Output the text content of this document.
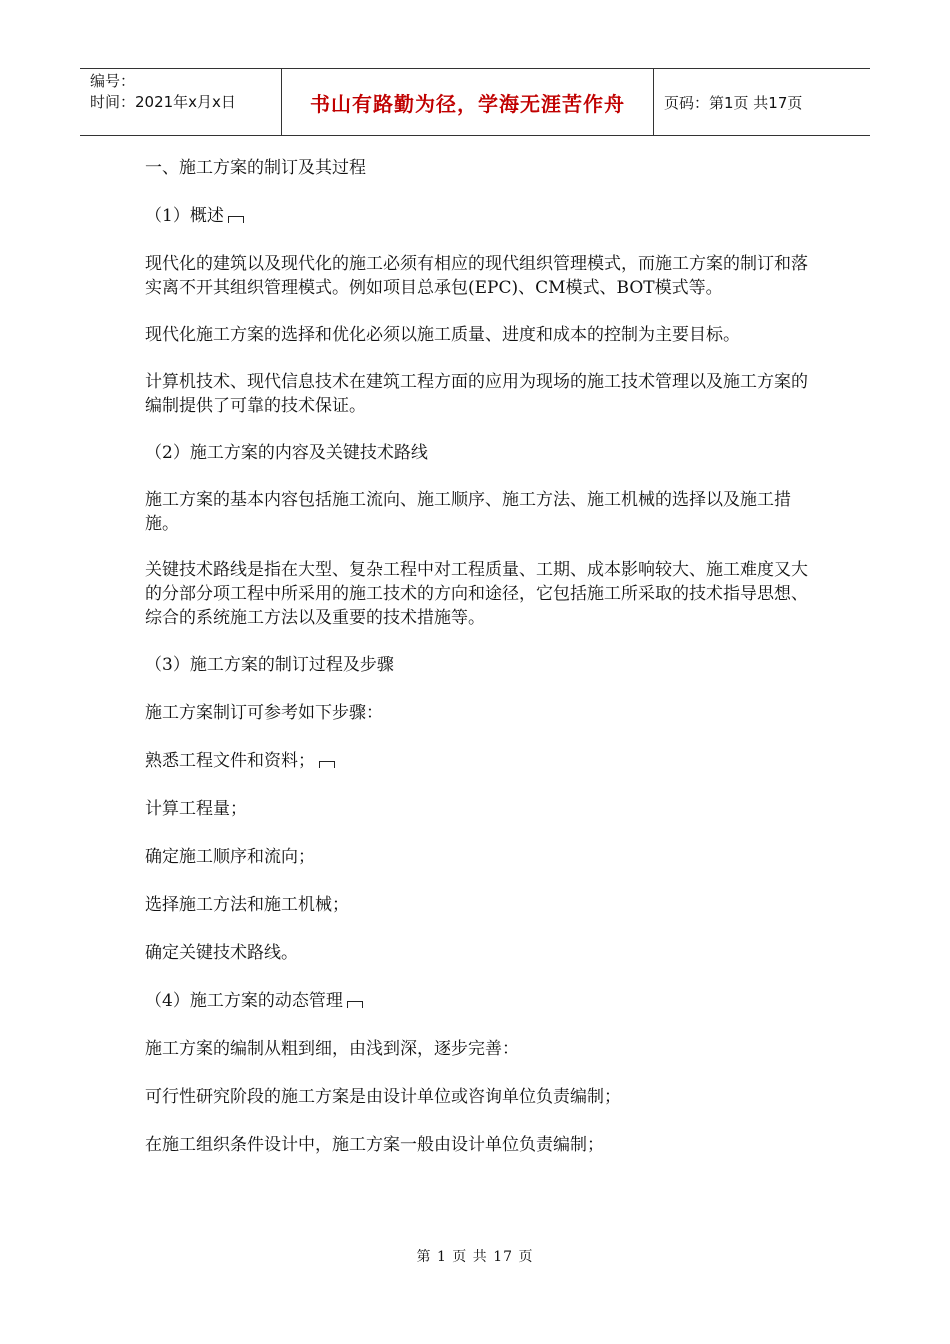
编号：
时间：2021年x月x日	书山有路勤为径，学海无涯苦作舟	页码：第1页 共17页

一、施工方案的制订及其过程

（1）概述

现代化的建筑以及现代化的施工必须有相应的现代组织管理模式，而施工方案的制订和落实离不开其组织管理模式。例如项目总承包(EPC)、CM模式、BOT模式等。

现代化施工方案的选择和优化必须以施工质量、进度和成本的控制为主要目标。

计算机技术、现代信息技术在建筑工程方面的应用为现场的施工技术管理以及施工方案的编制提供了可靠的技术保证。

（2）施工方案的内容及关键技术路线

施工方案的基本内容包括施工流向、施工顺序、施工方法、施工机械的选择以及施工措施。

关键技术路线是指在大型、复杂工程中对工程质量、工期、成本影响较大、施工难度又大的分部分项工程中所采用的施工技术的方向和途径，它包括施工所采取的技术指导思想、综合的系统施工方法以及重要的技术措施等。

（3）施工方案的制订过程及步骤

施工方案制订可参考如下步骤：

熟悉工程文件和资料；

计算工程量；

确定施工顺序和流向；

选择施工方法和施工机械；

确定关键技术路线。

（4）施工方案的动态管理

施工方案的编制从粗到细，由浅到深，逐步完善：

可行性研究阶段的施工方案是由设计单位或咨询单位负责编制；

在施工组织条件设计中，施工方案一般由设计单位负责编制；

第 1 页 共 17 页
